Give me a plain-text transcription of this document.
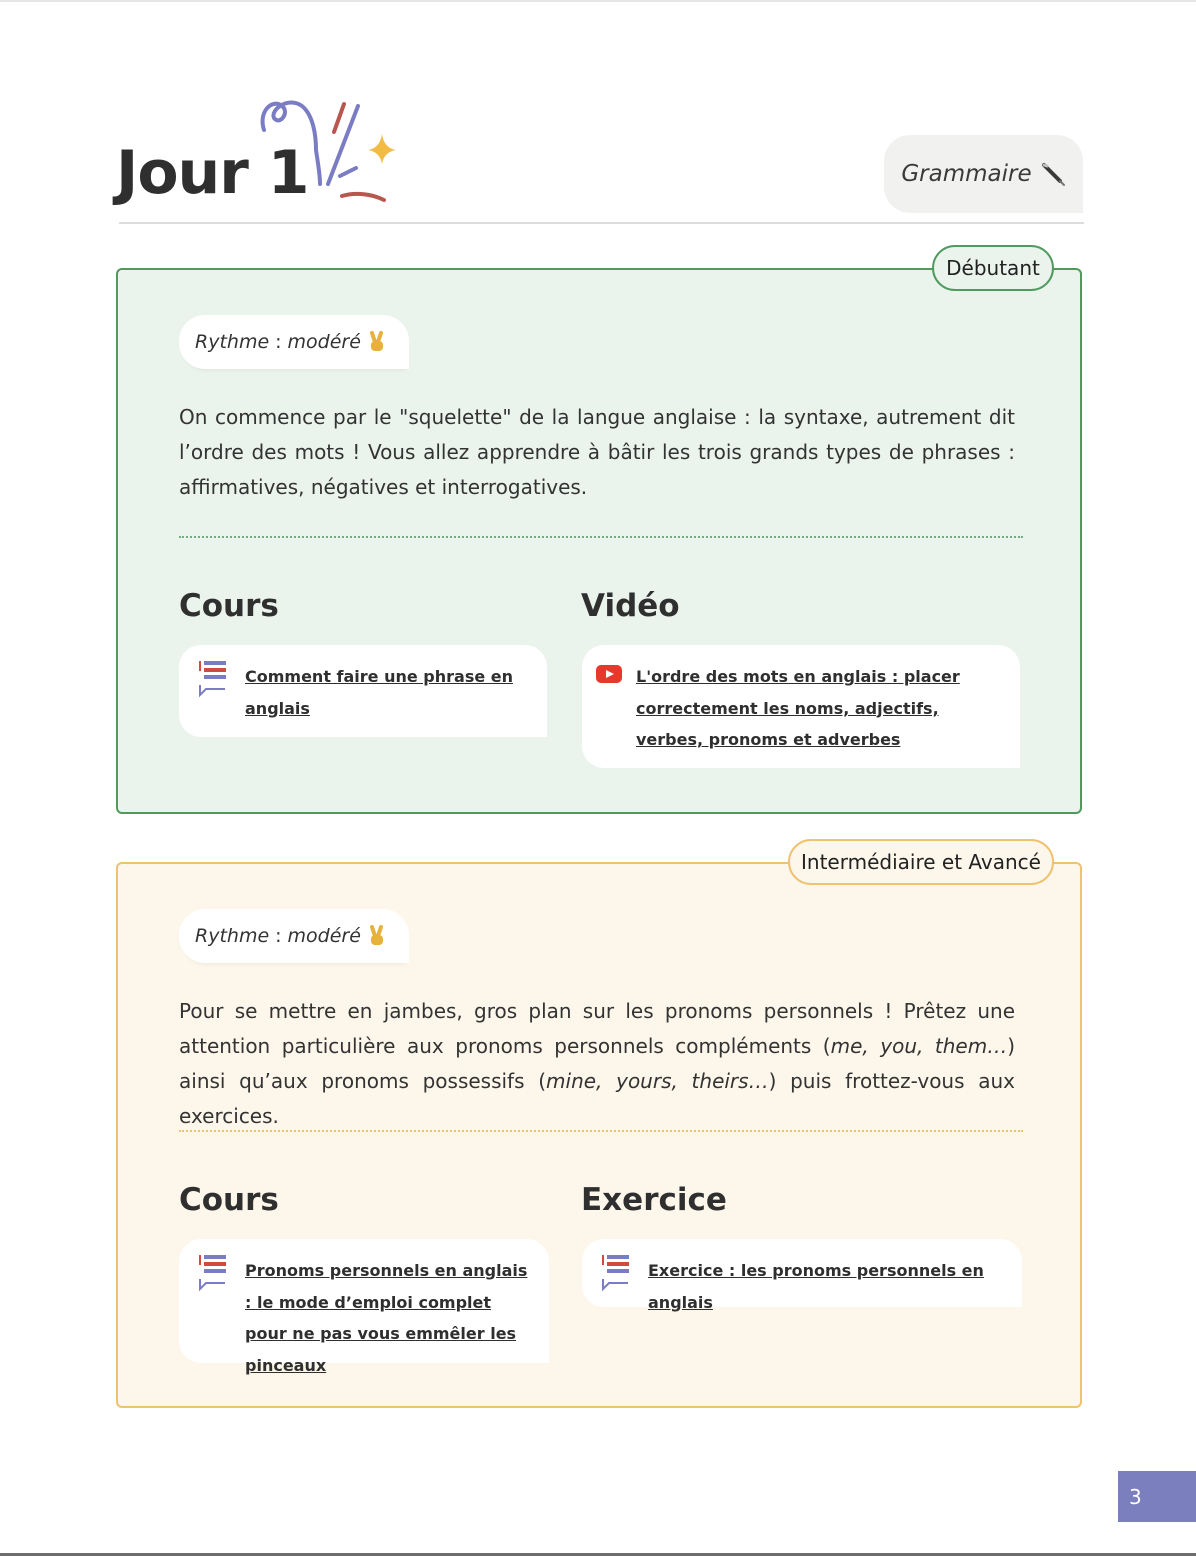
Jour 1	Grammaire
Débutant
Rythme : modéré

On commence par le "squelette" de la langue anglaise : la syntaxe, autrement dit l’ordre des mots ! Vous allez apprendre à bâtir les trois grands types de phrases : affirmatives, négatives et interrogatives.

Cours
Comment faire une phrase en anglais
Vidéo
L'ordre des mots en anglais : placer correctement les noms, adjectifs, verbes, pronoms et adverbes
Intermédiaire et Avancé
Rythme : modéré

Pour se mettre en jambes, gros plan sur les pronoms personnels ! Prêtez une attention particulière aux pronoms personnels compléments (me, you, them…) ainsi qu’aux pronoms possessifs (mine, yours, theirs…) puis frottez-vous aux exercices.

Cours
Pronoms personnels en anglais : le mode d’emploi complet pour ne pas vous emmêler les pinceaux
Exercice
Exercice : les pronoms personnels en anglais
3
